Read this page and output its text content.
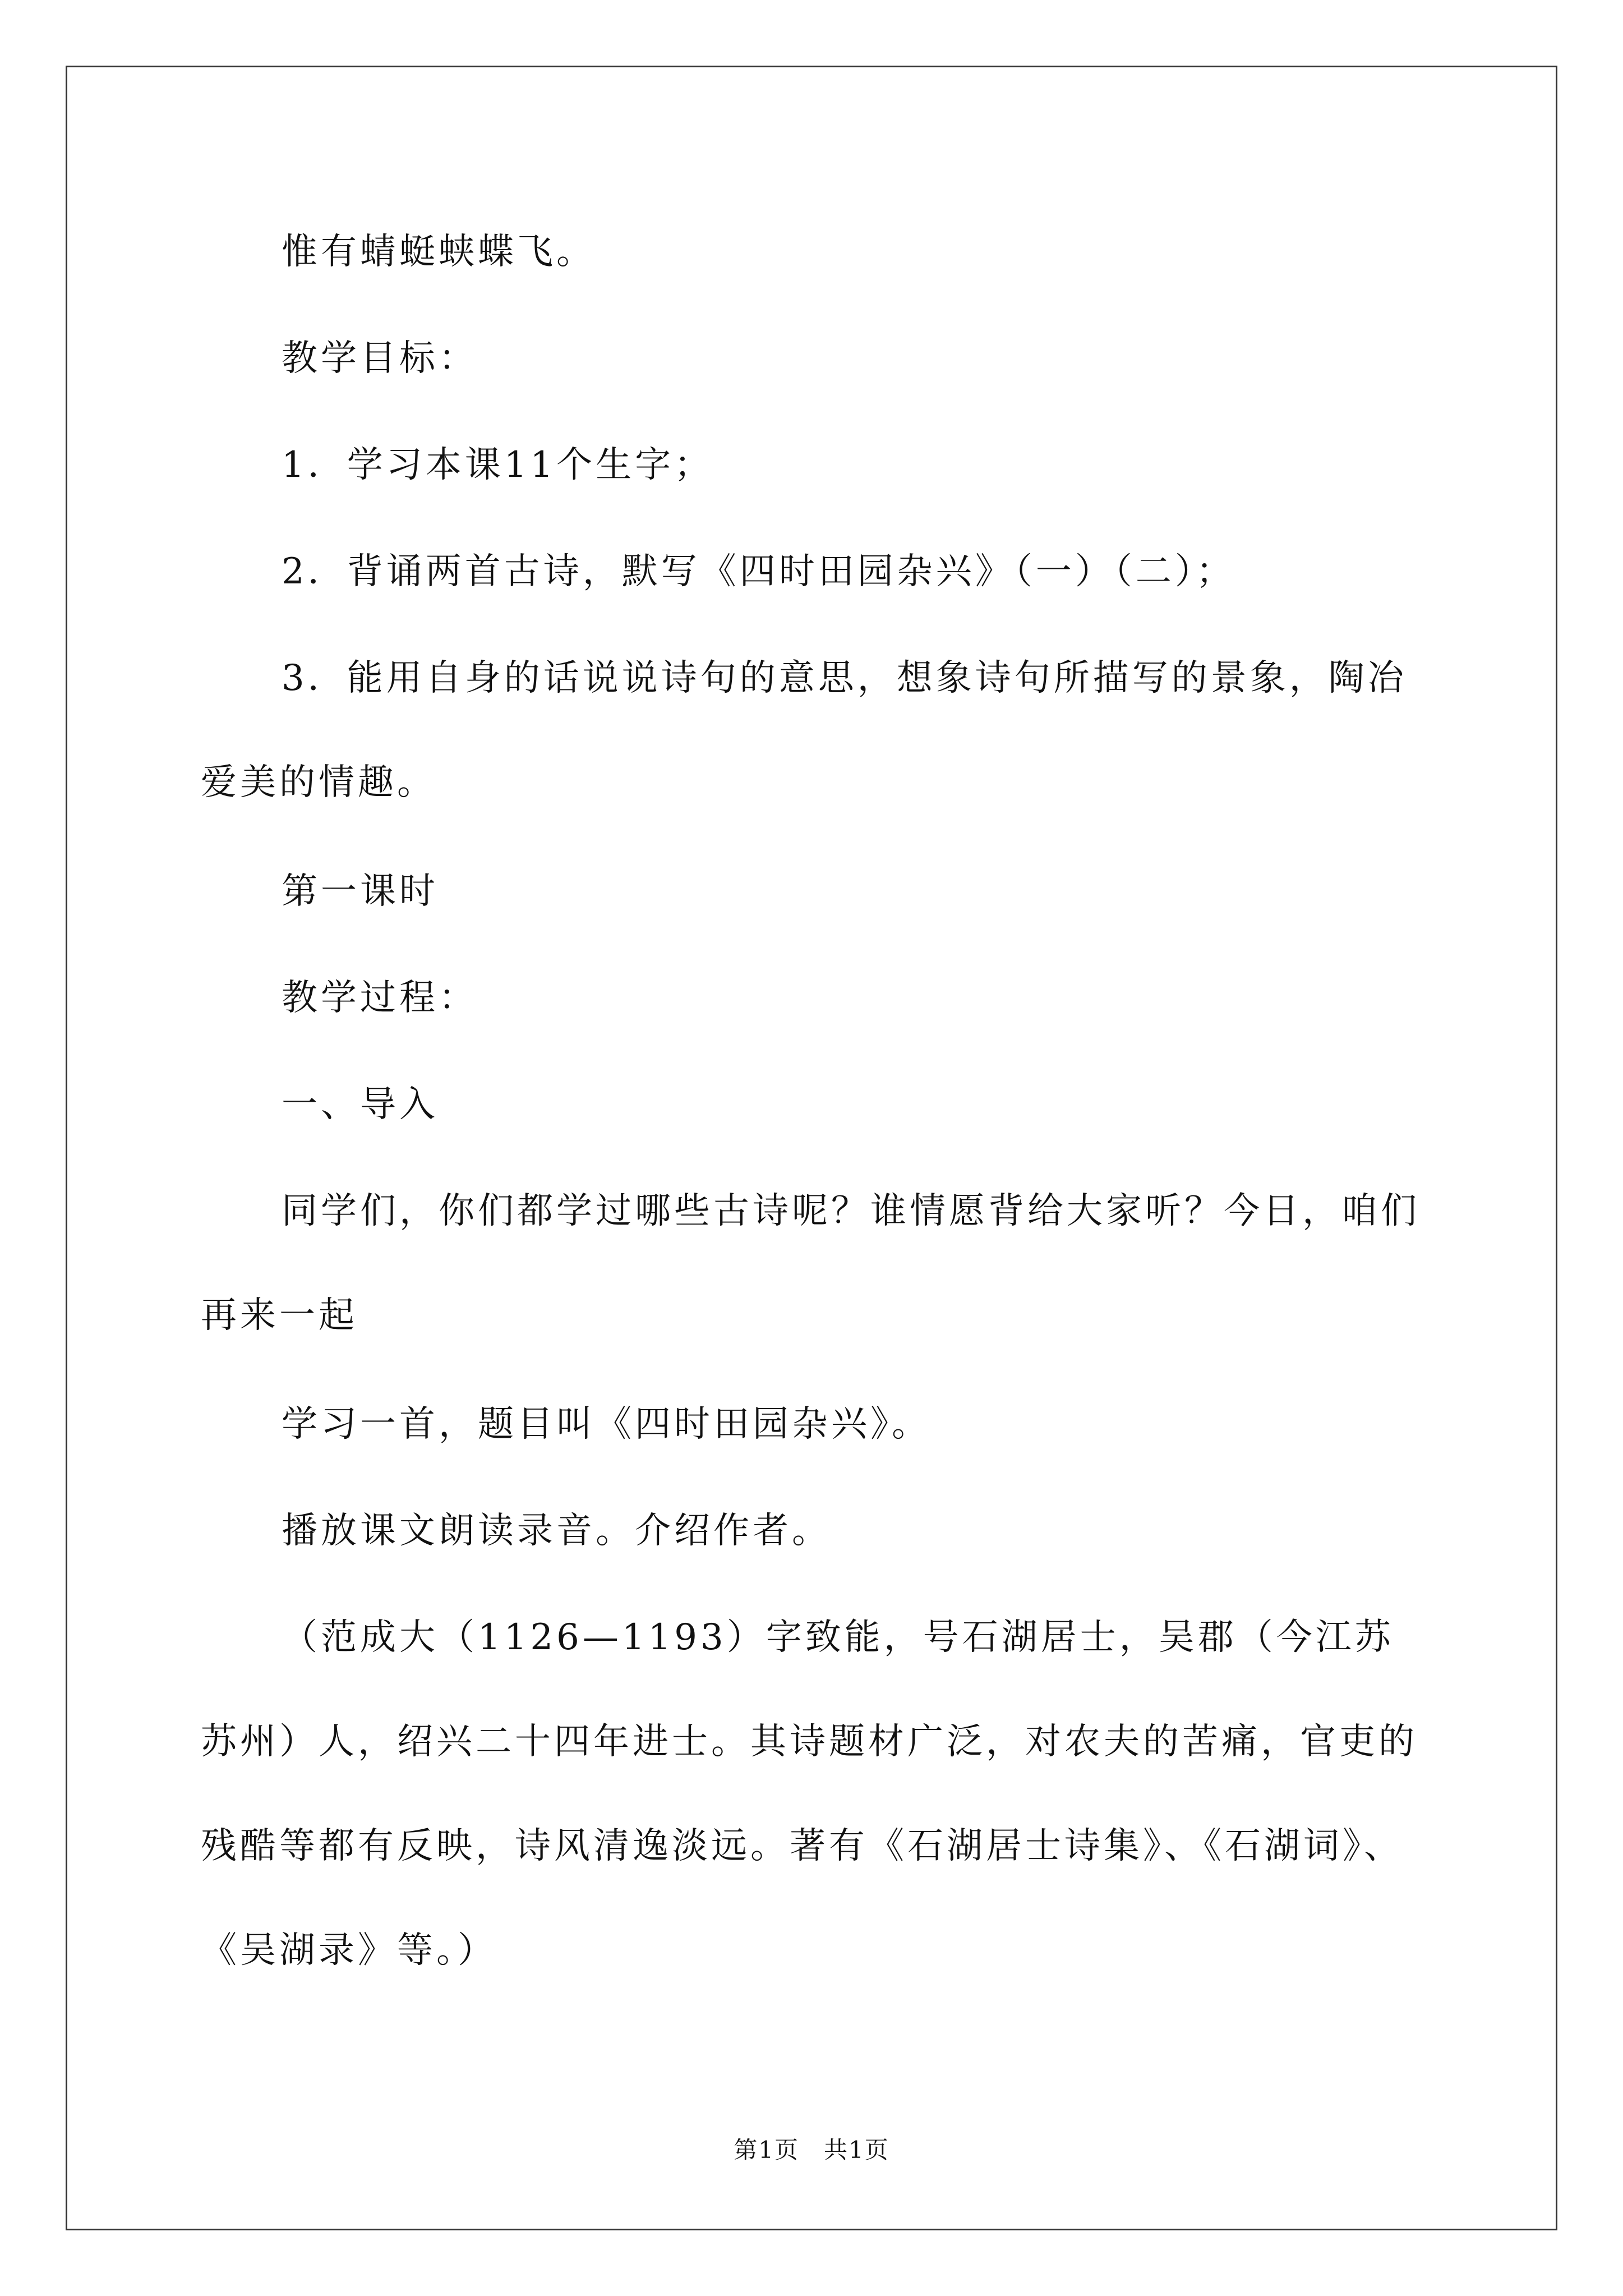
惟有蜻蜓蛱蝶飞。

教学目标：

1．学习本课11个生字；

2．背诵两首古诗，默写《四时田园杂兴》（一）（二）；

3．能用自身的话说说诗句的意思，想象诗句所描写的景象，陶冶爱美的情趣。

第一课时

教学过程：

一、导入

同学们，你们都学过哪些古诗呢？谁情愿背给大家听？今日，咱们再来一起

学习一首，题目叫《四时田园杂兴》。

播放课文朗读录音。介绍作者。

（范成大（1126—1193）字致能，号石湖居士，吴郡（今江苏苏州）人，绍兴二十四年进士。其诗题材广泛，对农夫的苦痛，官吏的残酷等都有反映，诗风清逸淡远。著有《石湖居士诗集》、《石湖词》、《吴湖录》等。）

第1页　共1页
